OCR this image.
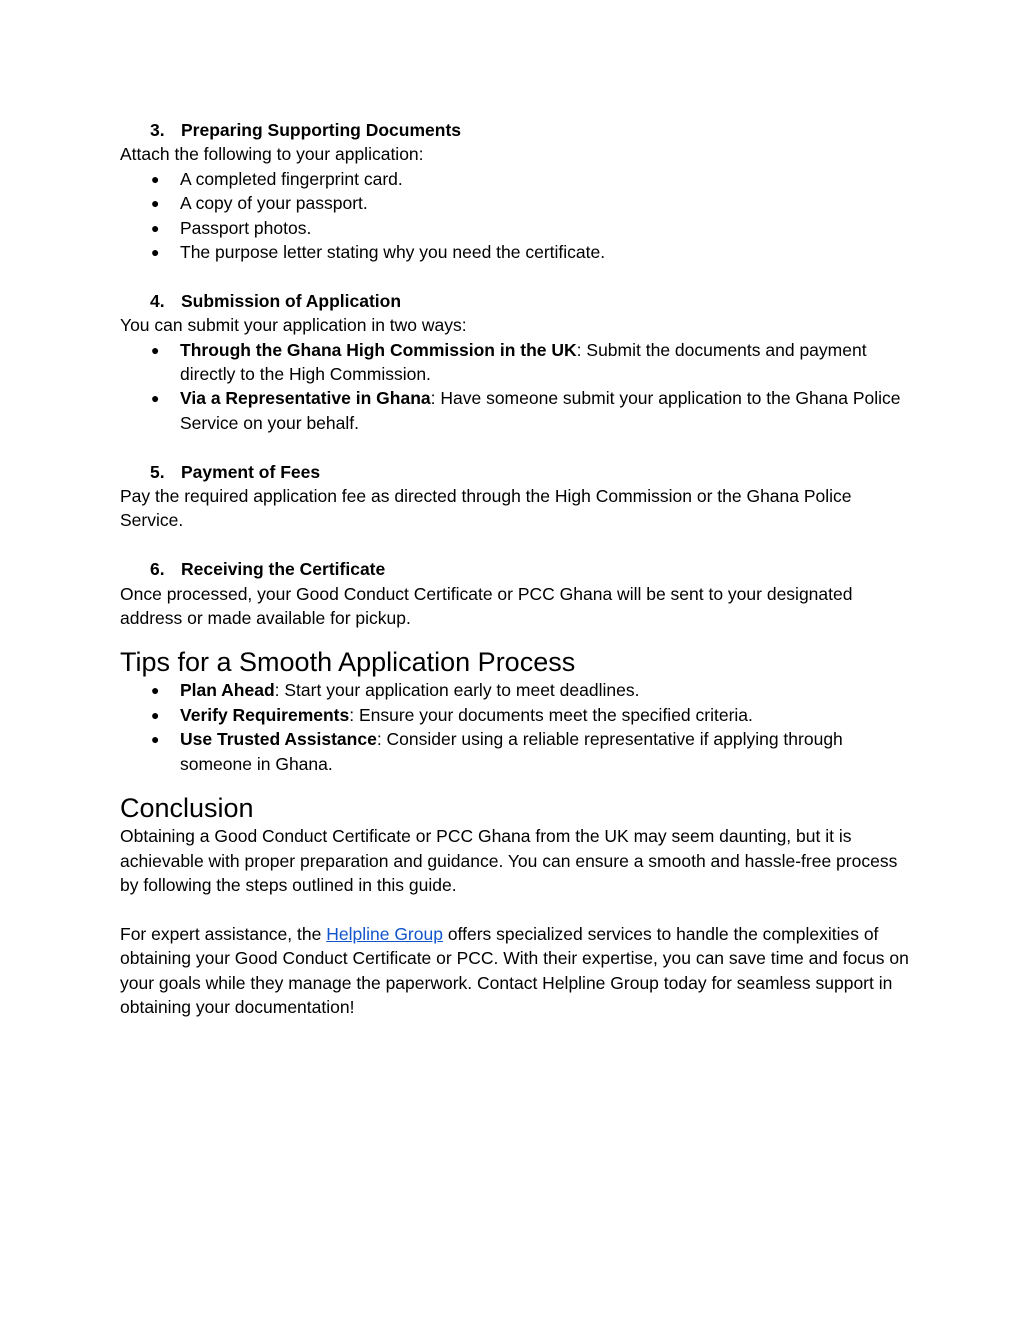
3. Preparing Supporting Documents

Attach the following to your application:

●	A completed fingerprint card.
●	A copy of your passport.
●	Passport photos.
●	The purpose letter stating why you need the certificate.
4. Submission of Application

You can submit your application in two ways:

●	Through the Ghana High Commission in the UK: Submit the documents and payment directly to the High Commission.
●	Via a Representative in Ghana: Have someone submit your application to the Ghana Police Service on your behalf.
5. Payment of Fees

Pay the required application fee as directed through the High Commission or the Ghana Police Service.

6. Receiving the Certificate

Once processed, your Good Conduct Certificate or PCC Ghana will be sent to your designated address or made available for pickup.

Tips for a Smooth Application Process
●	Plan Ahead: Start your application early to meet deadlines.
●	Verify Requirements: Ensure your documents meet the specified criteria.
●	Use Trusted Assistance: Consider using a reliable representative if applying through someone in Ghana.
Conclusion

Obtaining a Good Conduct Certificate or PCC Ghana from the UK may seem daunting, but it is achievable with proper preparation and guidance. You can ensure a smooth and hassle-free process by following the steps outlined in this guide.

For expert assistance, the Helpline Group offers specialized services to handle the complexities of obtaining your Good Conduct Certificate or PCC. With their expertise, you can save time and focus on your goals while they manage the paperwork. Contact Helpline Group today for seamless support in obtaining your documentation!
